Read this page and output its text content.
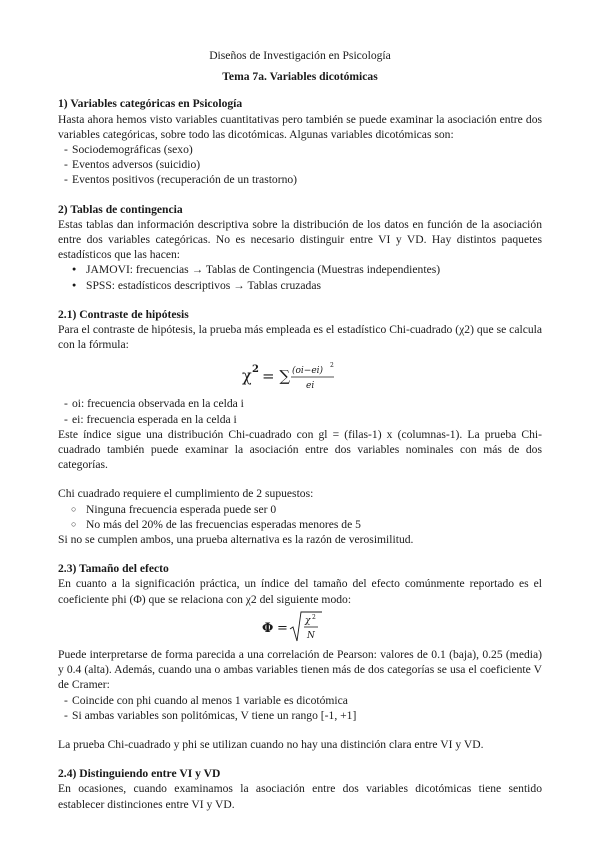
Diseños de Investigación en Psicología
Tema 7a. Variables dicotómicas
1) Variables categóricas en Psicología

Hasta ahora hemos visto variables cuantitativas pero también se puede examinar la asociación entre dos variables categóricas, sobre todo las dicotómicas. Algunas variables dicotómicas son:

- Sociodemográficas (sexo)
- Eventos adversos (suicidio)
- Eventos positivos (recuperación de un trastorno)
2) Tablas de contingencia

Estas tablas dan información descriptiva sobre la distribución de los datos en función de la asociación entre dos variables categóricas. No es necesario distinguir entre VI y VD. Hay distintos paquetes estadísticos que las hacen:

● JAMOVI: frecuencias → Tablas de Contingencia (Muestras independientes)
● SPSS: estadísticos descriptivos → Tablas cruzadas
2.1) Contraste de hipótesis

Para el contraste de hipótesis, la prueba más empleada es el estadístico Chi-cuadrado (χ2) que se calcula con la fórmula:

χ 2 = ∑ (oi−ei)
2
ei
- oi: frecuencia observada en la celda i
- ei: frecuencia esperada en la celda i

Este índice sigue una distribución Chi-cuadrado con gl = (filas-1) x (columnas-1). La prueba Chi-cuadrado también puede examinar la asociación entre dos variables nominales con más de dos categorías.

Chi cuadrado requiere el cumplimiento de 2 supuestos:

○ Ninguna frecuencia esperada puede ser 0
○ No más del 20% de las frecuencias esperadas menores de 5

Si no se cumplen ambos, una prueba alternativa es la razón de verosimilitud.

2.3) Tamaño del efecto

En cuanto a la significación práctica, un índice del tamaño del efecto comúnmente reportado es el coeficiente phi (Φ) que se relaciona con χ2 del siguiente modo:

Φ = χ 2
N

Puede interpretarse de forma parecida a una correlación de Pearson: valores de 0.1 (baja), 0.25 (media) y 0.4 (alta). Además, cuando una o ambas variables tienen más de dos categorías se usa el coeficiente V de Cramer:

- Coincide con phi cuando al menos 1 variable es dicotómica
- Si ambas variables son politómicas, V tiene un rango [-1, +1]

La prueba Chi-cuadrado y phi se utilizan cuando no hay una distinción clara entre VI y VD.

2.4) Distinguiendo entre VI y VD

En ocasiones, cuando examinamos la asociación entre dos variables dicotómicas tiene sentido establecer distinciones entre VI y VD.
